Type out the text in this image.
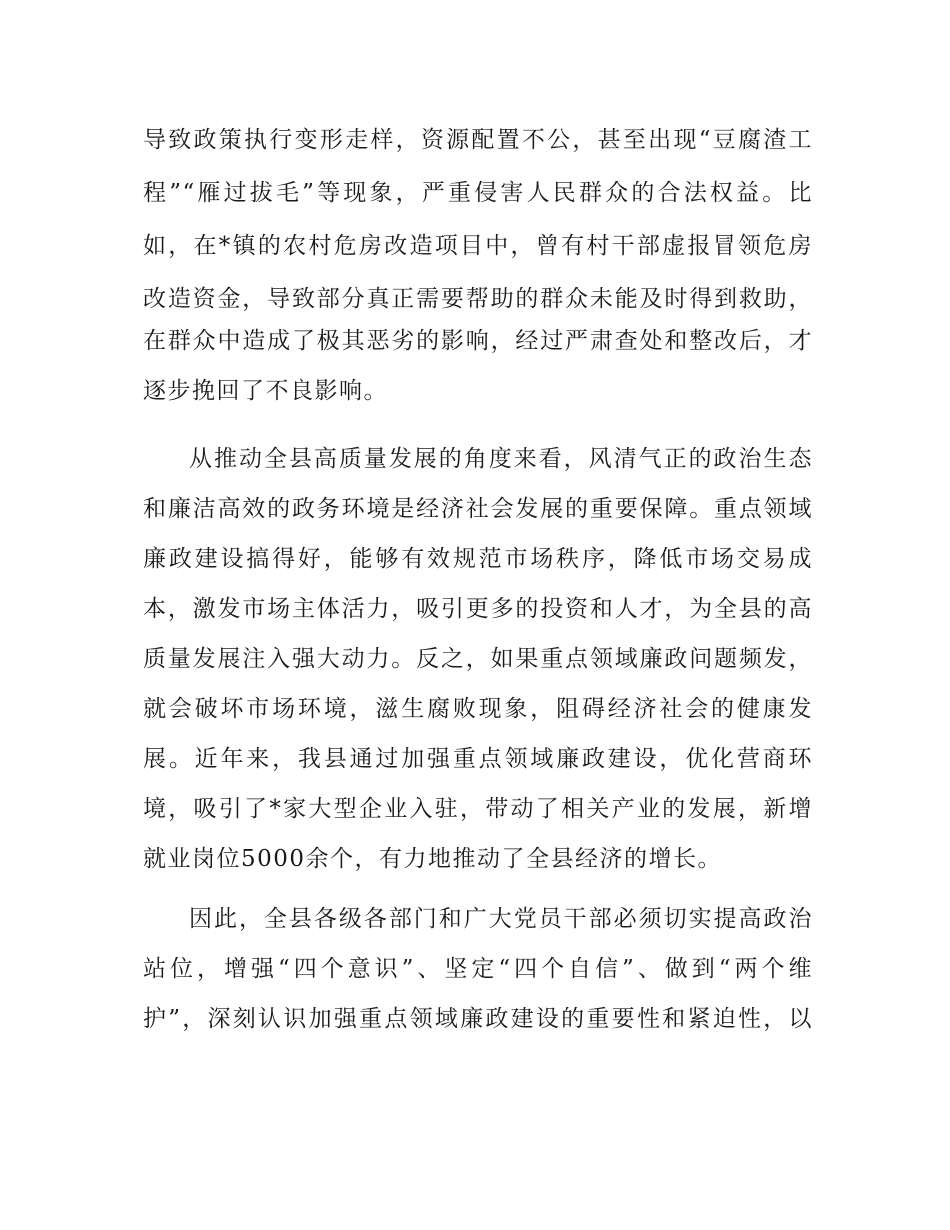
导致政策执行变形走样，资源配置不公，甚至出现“豆腐渣工
程”“雁过拔毛”等现象，严重侵害人民群众的合法权益。比
如，在*镇的农村危房改造项目中，曾有村干部虚报冒领危房
改造资金，导致部分真正需要帮助的群众未能及时得到救助，
在群众中造成了极其恶劣的影响，经过严肃查处和整改后，才
逐步挽回了不良影响。
从推动全县高质量发展的角度来看，风清气正的政治生态
和廉洁高效的政务环境是经济社会发展的重要保障。重点领域
廉政建设搞得好，能够有效规范市场秩序，降低市场交易成
本，激发市场主体活力，吸引更多的投资和人才，为全县的高
质量发展注入强大动力。反之，如果重点领域廉政问题频发，
就会破坏市场环境，滋生腐败现象，阻碍经济社会的健康发
展。近年来，我县通过加强重点领域廉政建设，优化营商环
境，吸引了*家大型企业入驻，带动了相关产业的发展，新增
就业岗位5000余个，有力地推动了全县经济的增长。
因此，全县各级各部门和广大党员干部必须切实提高政治
站位，增强“四个意识”、坚定“四个自信”、做到“两个维
护”，深刻认识加强重点领域廉政建设的重要性和紧迫性，以
